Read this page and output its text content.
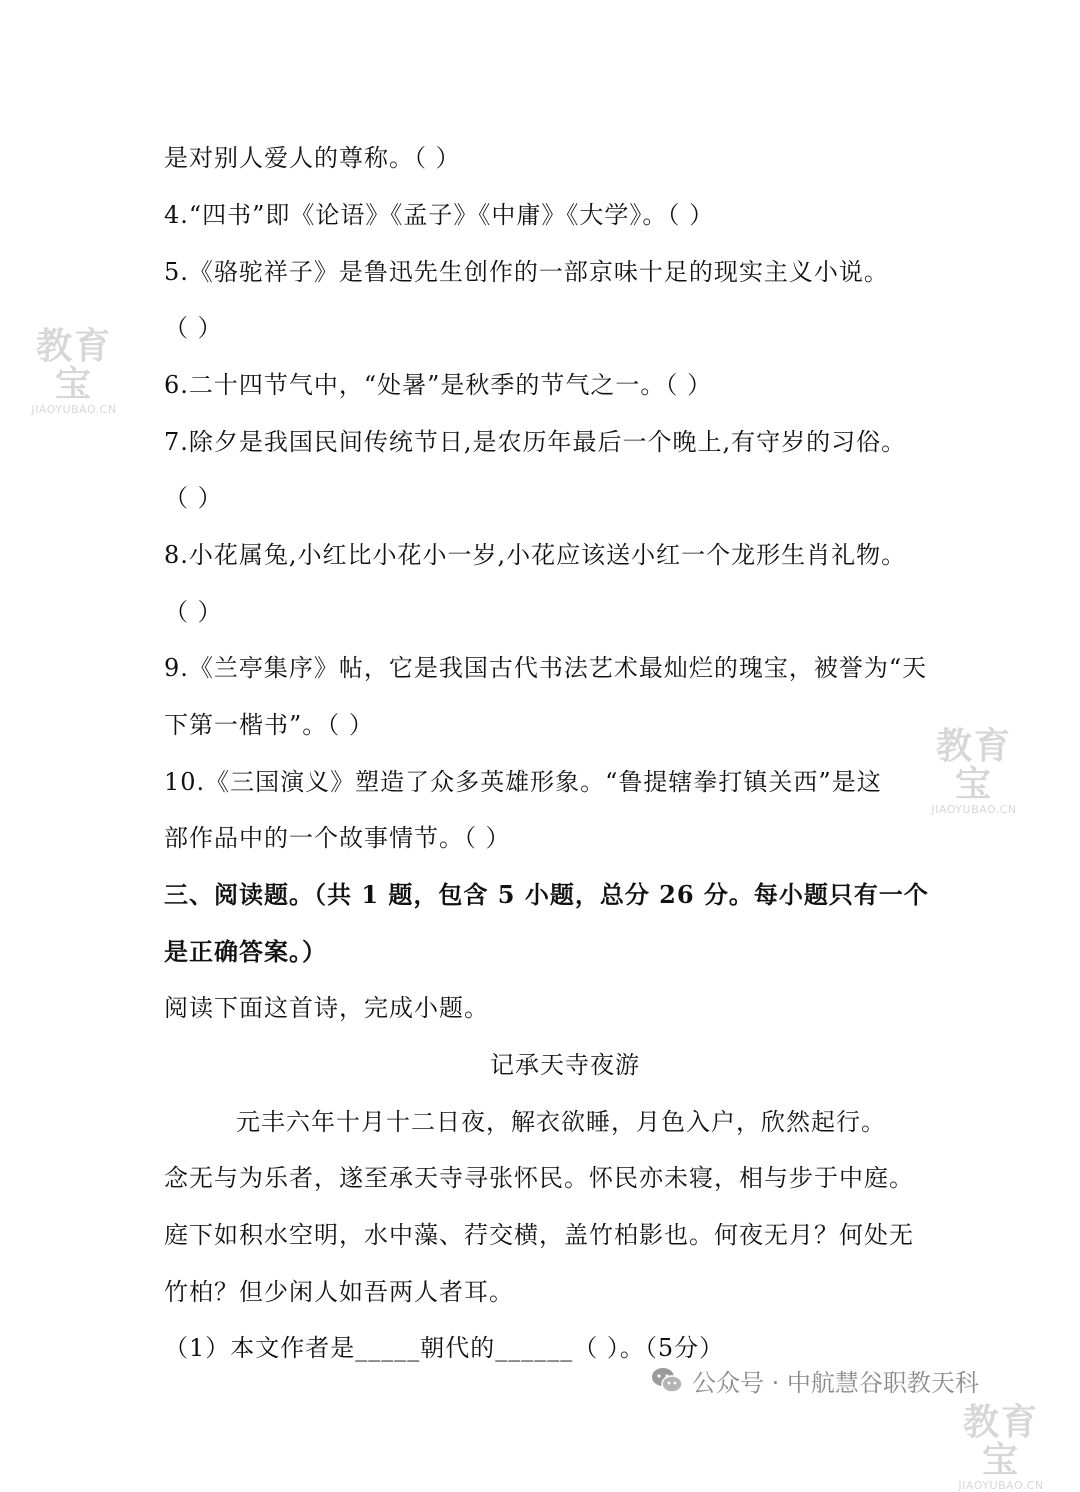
是对别人爱人的尊称。（ ）
4.“四书”即《论语》《孟子》《中庸》《大学》。（ ）
5.《骆驼祥子》是鲁迅先生创作的一部京味十足的现实主义小说。
（ ）
6.二十四节气中，“处暑”是秋季的节气之一。（ ）
7.除夕是我国民间传统节日,是农历年最后一个晚上,有守岁的习俗。
（ ）
8.小花属兔,小红比小花小一岁,小花应该送小红一个龙形生肖礼物。
（ ）
9.《兰亭集序》帖，它是我国古代书法艺术最灿烂的瑰宝，被誉为“天
下第一楷书”。（ ）
10.《三国演义》塑造了众多英雄形象。“鲁提辖拳打镇关西”是这
部作品中的一个故事情节。（ ）
三、阅读题。（共 1 题，包含 5 小题，总分 26 分。每小题只有一个
是正确答案。）
阅读下面这首诗，完成小题。
记承天寺夜游
元丰六年十月十二日夜，解衣欲睡，月色入户，欣然起行。
念无与为乐者，遂至承天寺寻张怀民。怀民亦未寝，相与步于中庭。
庭下如积水空明，水中藻、荇交横，盖竹柏影也。何夜无月？何处无
竹柏？但少闲人如吾两人者耳。
（1）本文作者是_____朝代的______（ ）。（5分）
教育宝
JIAOYUBAO.CN
教育宝
JIAOYUBAO.CN
教育宝
JIAOYUBAO.CN
公众号 · 中航慧谷职教天科
